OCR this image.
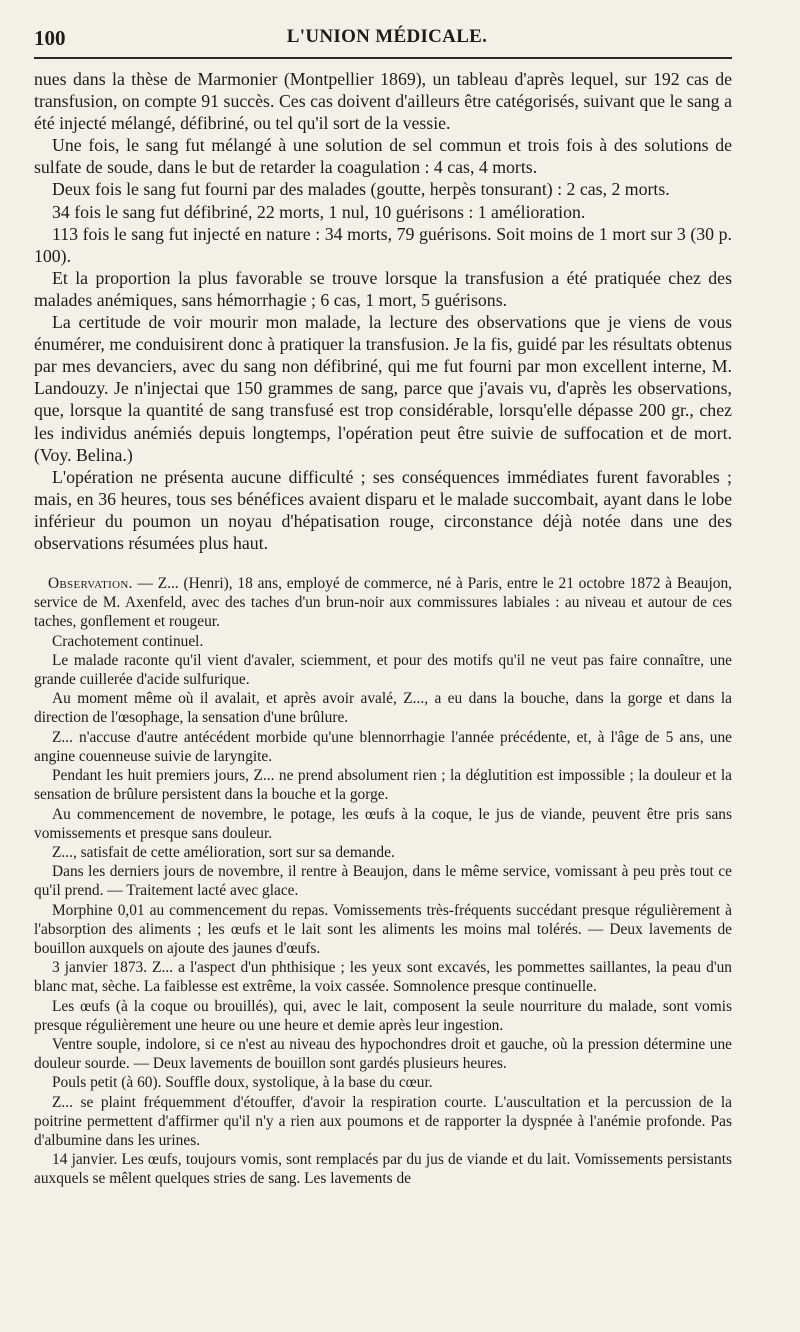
100	L'UNION MÉDICALE.

nues dans la thèse de Marmonier (Montpellier 1869), un tableau d'après lequel, sur 192 cas de transfusion, on compte 91 succès. Ces cas doivent d'ailleurs être catégorisés, suivant que le sang a été injecté mélangé, défibriné, ou tel qu'il sort de la vessie.

Une fois, le sang fut mélangé à une solution de sel commun et trois fois à des solutions de sulfate de soude, dans le but de retarder la coagulation : 4 cas, 4 morts.

Deux fois le sang fut fourni par des malades (goutte, herpès tonsurant) : 2 cas, 2 morts.

34 fois le sang fut défibriné, 22 morts, 1 nul, 10 guérisons : 1 amélioration.

113 fois le sang fut injecté en nature : 34 morts, 79 guérisons. Soit moins de 1 mort sur 3 (30 p. 100).

Et la proportion la plus favorable se trouve lorsque la transfusion a été pratiquée chez des malades anémiques, sans hémorrhagie ; 6 cas, 1 mort, 5 guérisons.

La certitude de voir mourir mon malade, la lecture des observations que je viens de vous énumérer, me conduisirent donc à pratiquer la transfusion. Je la fis, guidé par les résultats obtenus par mes devanciers, avec du sang non défibriné, qui me fut fourni par mon excellent interne, M. Landouzy. Je n'injectai que 150 grammes de sang, parce que j'avais vu, d'après les observations, que, lorsque la quantité de sang transfusé est trop considérable, lorsqu'elle dépasse 200 gr., chez les individus anémiés depuis longtemps, l'opération peut être suivie de suffocation et de mort. (Voy. Belina.)

L'opération ne présenta aucune difficulté ; ses conséquences immédiates furent favorables ; mais, en 36 heures, tous ses bénéfices avaient disparu et le malade succombait, ayant dans le lobe inférieur du poumon un noyau d'hépatisation rouge, circonstance déjà notée dans une des observations résumées plus haut.

Observation. — Z... (Henri), 18 ans, employé de commerce, né à Paris, entre le 21 octobre 1872 à Beaujon, service de M. Axenfeld, avec des taches d'un brun-noir aux commissures labiales : au niveau et autour de ces taches, gonflement et rougeur.

Crachotement continuel.

Le malade raconte qu'il vient d'avaler, sciemment, et pour des motifs qu'il ne veut pas faire connaître, une grande cuillerée d'acide sulfurique.

Au moment même où il avalait, et après avoir avalé, Z..., a eu dans la bouche, dans la gorge et dans la direction de l'œsophage, la sensation d'une brûlure.

Z... n'accuse d'autre antécédent morbide qu'une blennorrhagie l'année précédente, et, à l'âge de 5 ans, une angine couenneuse suivie de laryngite.

Pendant les huit premiers jours, Z... ne prend absolument rien ; la déglutition est impossible ; la douleur et la sensation de brûlure persistent dans la bouche et la gorge.

Au commencement de novembre, le potage, les œufs à la coque, le jus de viande, peuvent être pris sans vomissements et presque sans douleur.

Z..., satisfait de cette amélioration, sort sur sa demande.

Dans les derniers jours de novembre, il rentre à Beaujon, dans le même service, vomissant à peu près tout ce qu'il prend. — Traitement lacté avec glace.

Morphine 0,01 au commencement du repas. Vomissements très-fréquents succédant presque régulièrement à l'absorption des aliments ; les œufs et le lait sont les aliments les moins mal tolérés. — Deux lavements de bouillon auxquels on ajoute des jaunes d'œufs.

3 janvier 1873. Z... a l'aspect d'un phthisique ; les yeux sont excavés, les pommettes saillantes, la peau d'un blanc mat, sèche. La faiblesse est extrême, la voix cassée. Somnolence presque continuelle.

Les œufs (à la coque ou brouillés), qui, avec le lait, composent la seule nourriture du malade, sont vomis presque régulièrement une heure ou une heure et demie après leur ingestion.

Ventre souple, indolore, si ce n'est au niveau des hypochondres droit et gauche, où la pression détermine une douleur sourde. — Deux lavements de bouillon sont gardés plusieurs heures.

Pouls petit (à 60). Souffle doux, systolique, à la base du cœur.

Z... se plaint fréquemment d'étouffer, d'avoir la respiration courte. L'auscultation et la percussion de la poitrine permettent d'affirmer qu'il n'y a rien aux poumons et de rapporter la dyspnée à l'anémie profonde. Pas d'albumine dans les urines.

14 janvier. Les œufs, toujours vomis, sont remplacés par du jus de viande et du lait. Vomissements persistants auxquels se mêlent quelques stries de sang. Les lavements de
